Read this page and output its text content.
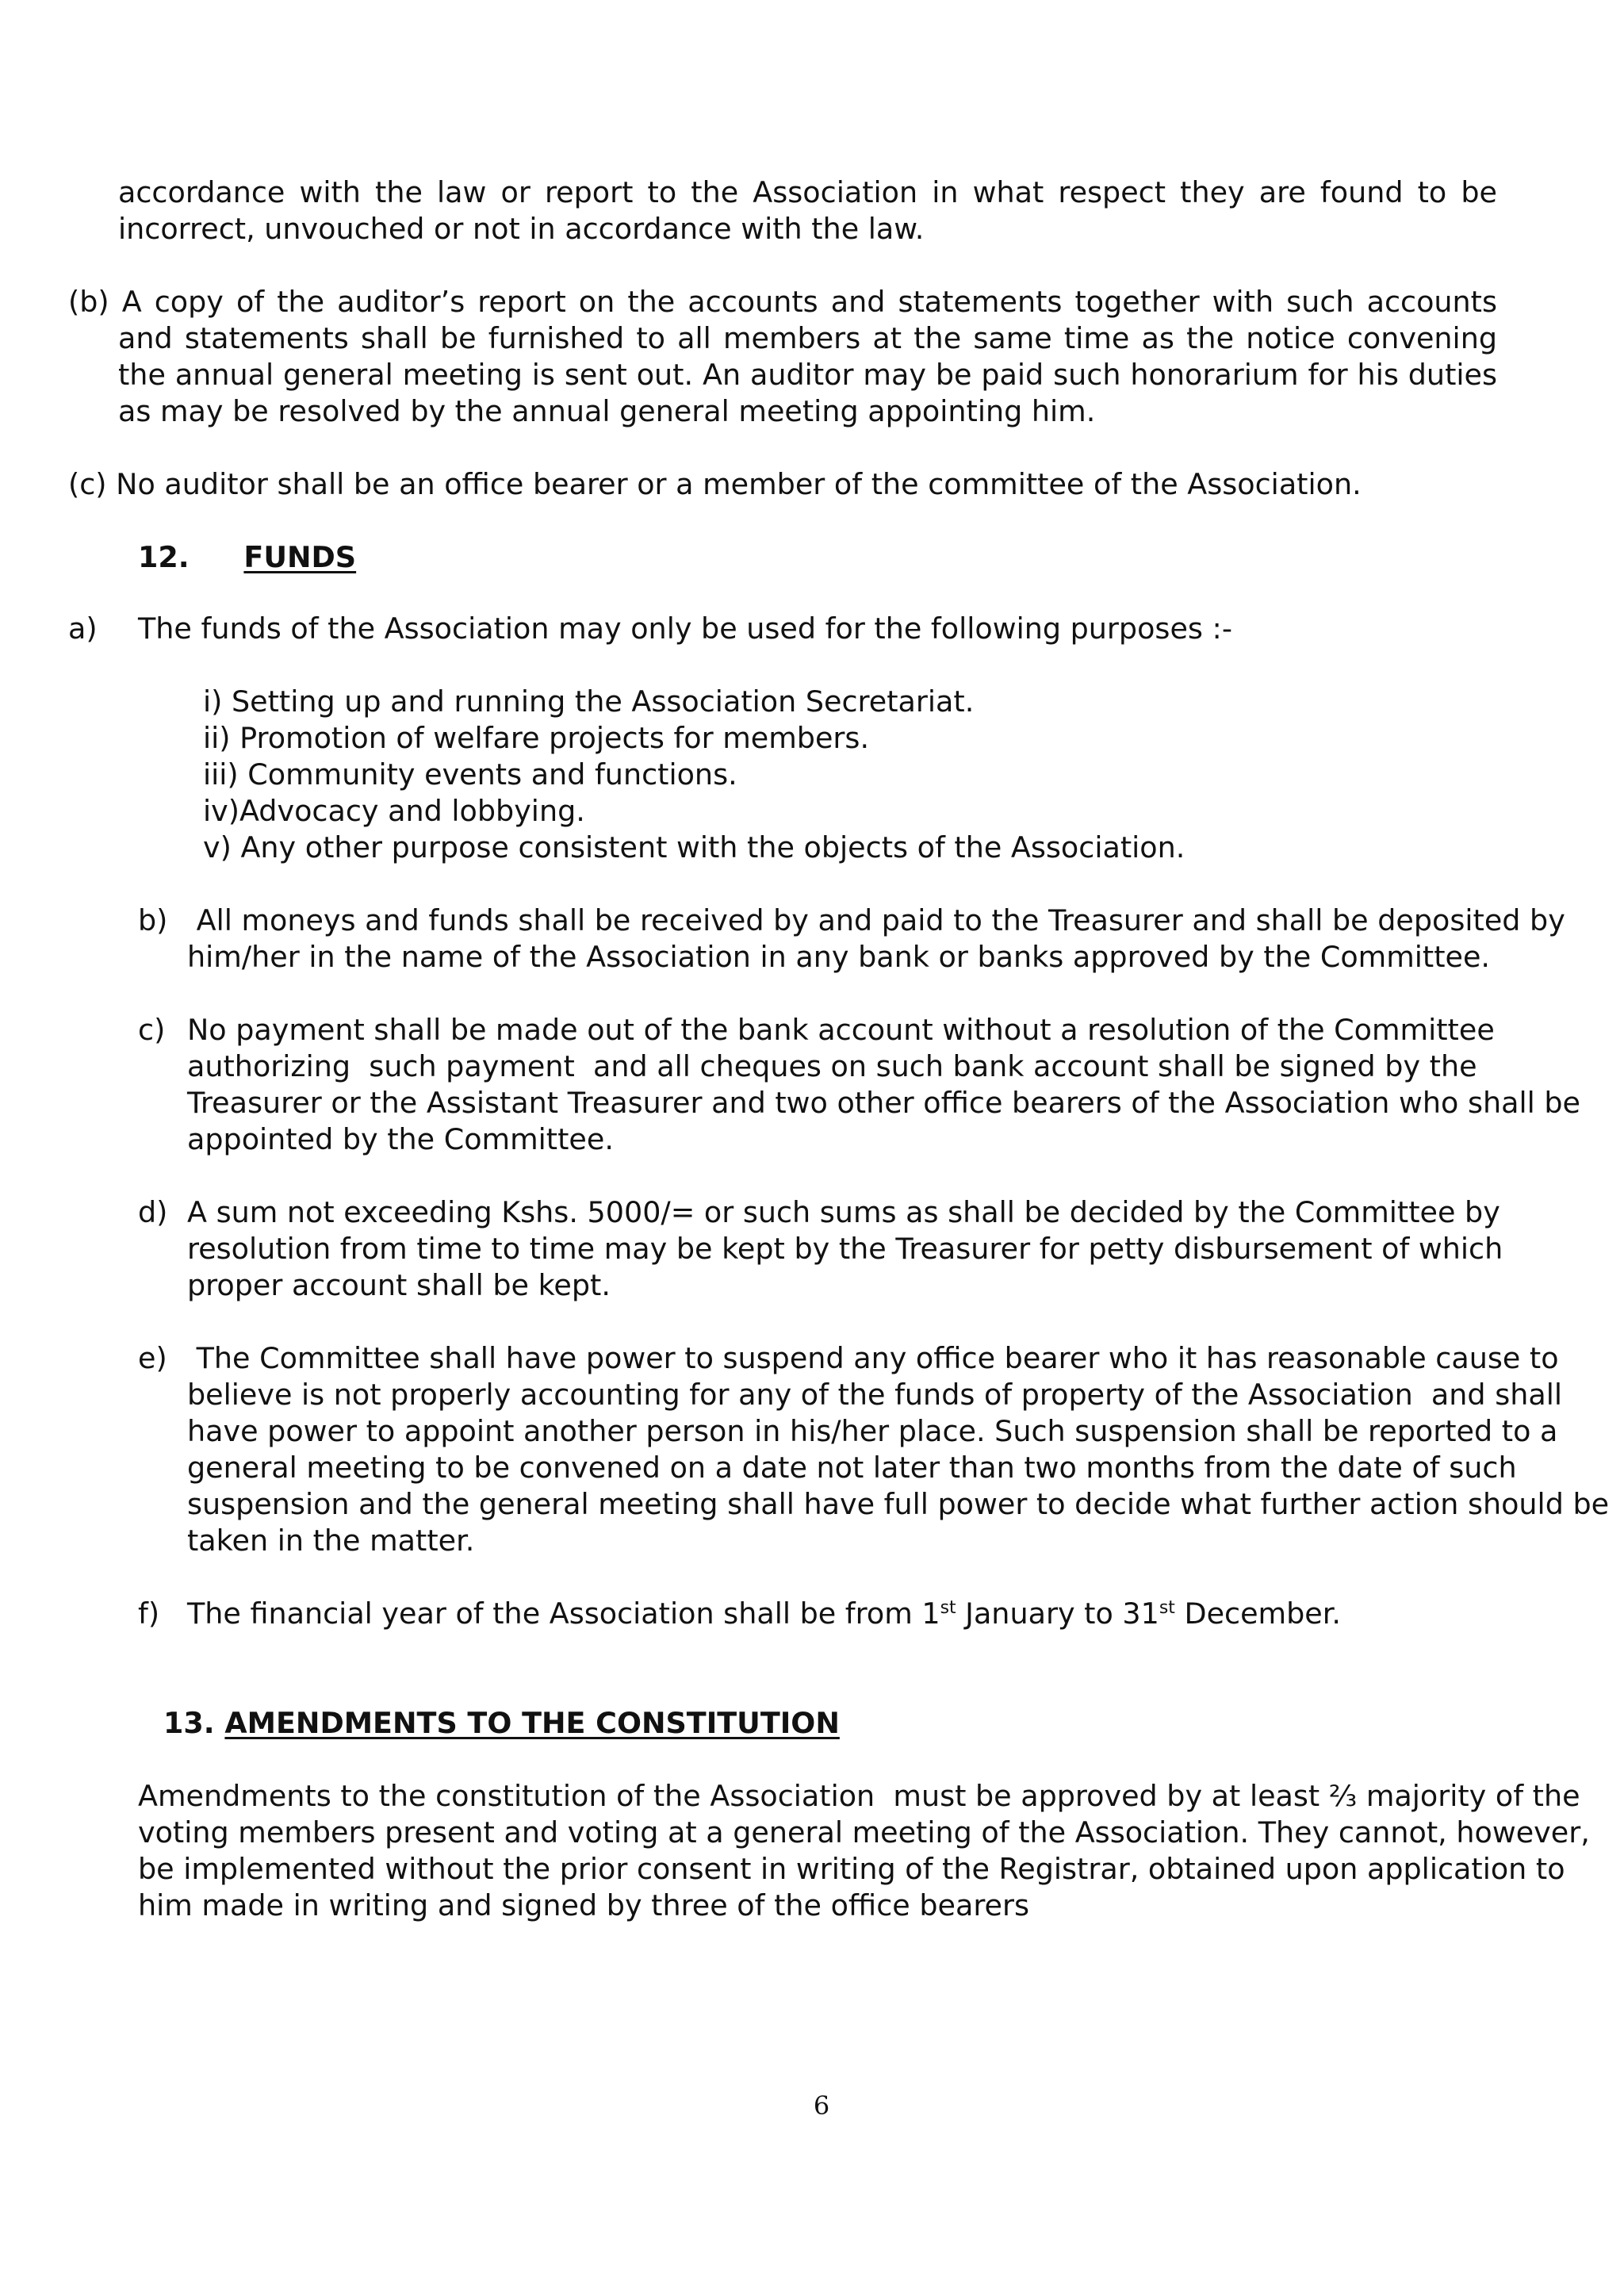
accordance with the law or report to the Association in what respect they are found to be incorrect, unvouched or not in accordance with the law.
(b) A copy of the auditor’s report on the accounts and statements together with such accounts and statements shall be furnished to all members at the same time as the notice convening the annual general meeting is sent out. An auditor may be paid such honorarium for his duties as may be resolved by the annual general meeting appointing him.
(c) No auditor shall be an office bearer or a member of the committee of the Association.
12. FUNDS
a) The funds of the Association may only be used for the following purposes :-
i) Setting up and running the Association Secretariat.
ii) Promotion of welfare projects for members.
iii) Community events and functions.
iv)Advocacy and lobbying.
v) Any other purpose consistent with the objects of the Association.
b) All moneys and funds shall be received by and paid to the Treasurer and shall be deposited by
him/her in the name of the Association in any bank or banks approved by the Committee.
c) No payment shall be made out of the bank account without a resolution of the Committee
authorizing  such payment  and all cheques on such bank account shall be signed by the
Treasurer or the Assistant Treasurer and two other office bearers of the Association who shall be
appointed by the Committee.
d) A sum not exceeding Kshs. 5000/= or such sums as shall be decided by the Committee by
resolution from time to time may be kept by the Treasurer for petty disbursement of which
proper account shall be kept.
e) The Committee shall have power to suspend any office bearer who it has reasonable cause to
believe is not properly accounting for any of the funds of property of the Association  and shall
have power to appoint another person in his/her place. Such suspension shall be reported to a
general meeting to be convened on a date not later than two months from the date of such
suspension and the general meeting shall have full power to decide what further action should be
taken in the matter.
f) The financial year of the Association shall be from 1st January to 31st December.
13. AMENDMENTS TO THE CONSTITUTION
Amendments to the constitution of the Association  must be approved by at least ⅔ majority of the
voting members present and voting at a general meeting of the Association. They cannot, however,
be implemented without the prior consent in writing of the Registrar, obtained upon application to
him made in writing and signed by three of the office bearers
6
